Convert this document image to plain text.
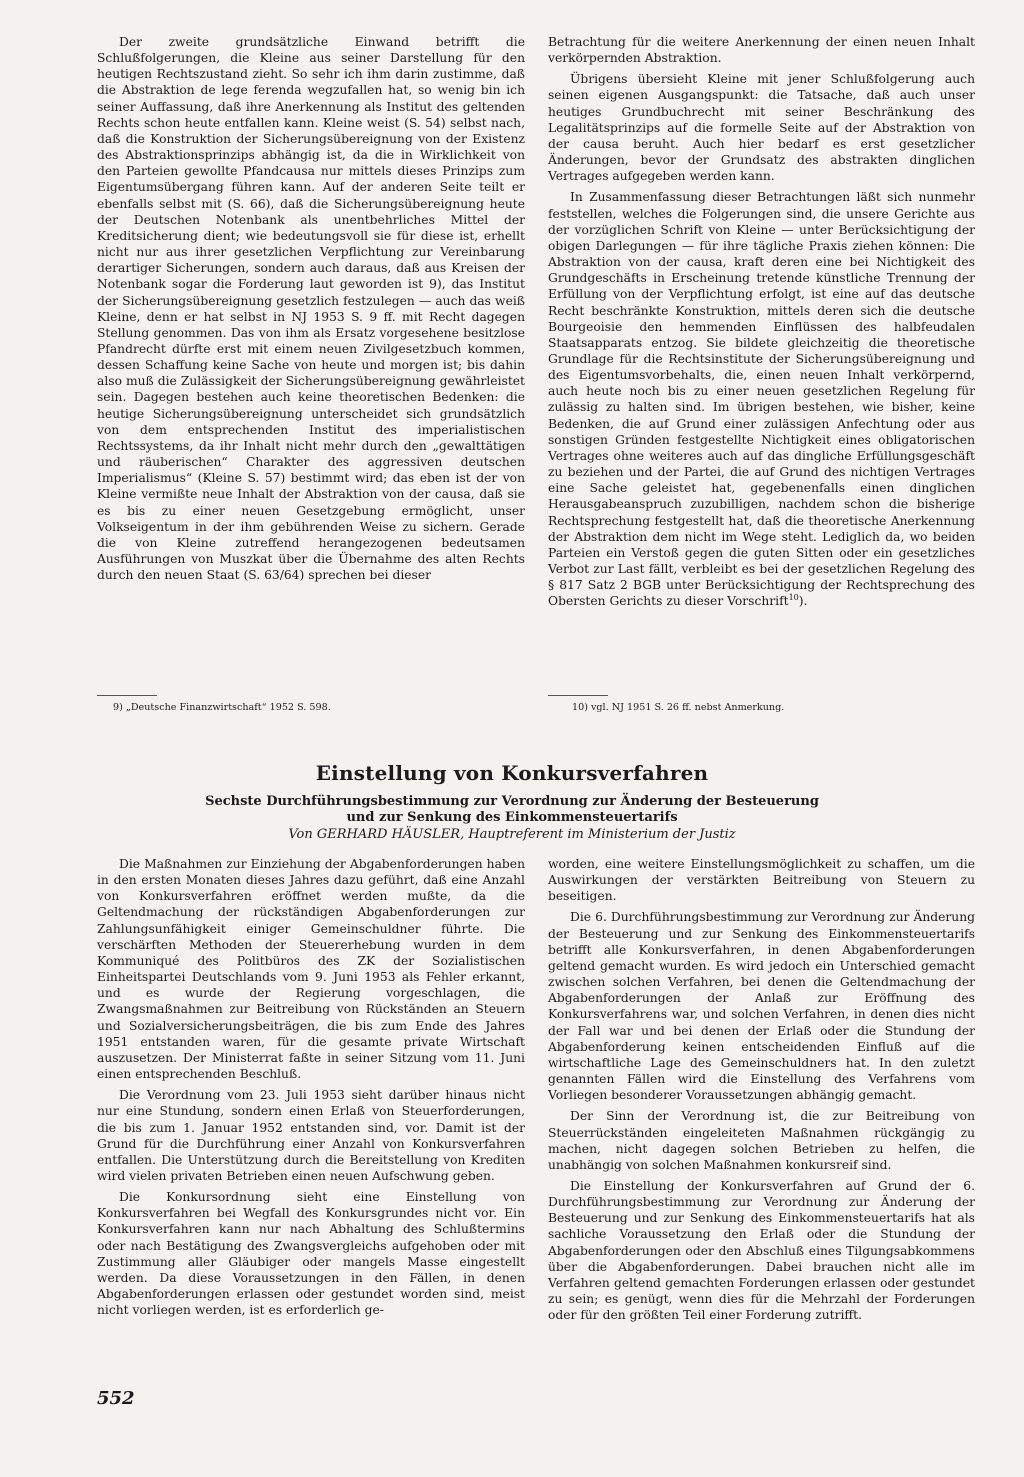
Der zweite grundsätzliche Einwand betrifft die Schlußfolgerungen, die Kleine aus seiner Darstellung für den heutigen Rechtszustand zieht. So sehr ich ihm darin zustimme, daß die Abstraktion de lege ferenda wegzufallen hat, so wenig bin ich seiner Auffassung, daß ihre Anerkennung als Institut des geltenden Rechts schon heute entfallen kann. Kleine weist (S. 54) selbst nach, daß die Konstruktion der Sicherungsübereignung von der Existenz des Abstraktionsprinzips abhängig ist, da die in Wirklichkeit von den Parteien gewollte Pfandcausa nur mittels dieses Prinzips zum Eigentumsübergang führen kann. Auf der anderen Seite teilt er ebenfalls selbst mit (S. 66), daß die Sicherungsübereignung heute der Deutschen Notenbank als unentbehrliches Mittel der Kreditsicherung dient; wie bedeutungsvoll sie für diese ist, erhellt nicht nur aus ihrer gesetzlichen Verpflichtung zur Vereinbarung derartiger Sicherungen, sondern auch daraus, daß aus Kreisen der Notenbank sogar die Forderung laut geworden ist 9), das Institut der Sicherungsübereignung gesetzlich festzulegen — auch das weiß Kleine, denn er hat selbst in NJ 1953 S. 9 ff. mit Recht dagegen Stellung genommen. Das von ihm als Ersatz vorgesehene besitzlose Pfandrecht dürfte erst mit einem neuen Zivilgesetzbuch kommen, dessen Schaffung keine Sache von heute und morgen ist; bis dahin also muß die Zulässigkeit der Sicherungsübereignung gewährleistet sein. Dagegen bestehen auch keine theoretischen Bedenken: die heutige Sicherungsübereignung unterscheidet sich grundsätzlich von dem entsprechenden Institut des imperialistischen Rechtssystems, da ihr Inhalt nicht mehr durch den „gewalttätigen und räuberischen“ Charakter des aggressiven deutschen Imperialismus“ (Kleine S. 57) bestimmt wird; das eben ist der von Kleine vermißte neue Inhalt der Abstraktion von der causa, daß sie es bis zu einer neuen Gesetzgebung ermöglicht, unser Volkseigentum in der ihm gebührenden Weise zu sichern. Gerade die von Kleine zutreffend herangezogenen bedeutsamen Ausführungen von Muszkat über die Übernahme des alten Rechts durch den neuen Staat (S. 63/64) sprechen bei dieser

Betrachtung für die weitere Anerkennung der einen neuen Inhalt verkörpernden Abstraktion.

Übrigens übersieht Kleine mit jener Schlußfolgerung auch seinen eigenen Ausgangspunkt: die Tatsache, daß auch unser heutiges Grundbuchrecht mit seiner Beschränkung des Legalitätsprinzips auf die formelle Seite auf der Abstraktion von der causa beruht. Auch hier bedarf es erst gesetzlicher Änderungen, bevor der Grundsatz des abstrakten dinglichen Vertrages aufgegeben werden kann.

In Zusammenfassung dieser Betrachtungen läßt sich nunmehr feststellen, welches die Folgerungen sind, die unsere Gerichte aus der vorzüglichen Schrift von Kleine — unter Berücksichtigung der obigen Darlegungen — für ihre tägliche Praxis ziehen können: Die Abstraktion von der causa, kraft deren eine bei Nichtigkeit des Grundgeschäfts in Erscheinung tretende künstliche Trennung der Erfüllung von der Verpflichtung erfolgt, ist eine auf das deutsche Recht beschränkte Konstruktion, mittels deren sich die deutsche Bourgeoisie den hemmenden Einflüssen des halbfeudalen Staatsapparats entzog. Sie bildete gleichzeitig die theoretische Grundlage für die Rechtsinstitute der Sicherungsübereignung und des Eigentumsvorbehalts, die, einen neuen Inhalt verkörpernd, auch heute noch bis zu einer neuen gesetzlichen Regelung für zulässig zu halten sind. Im übrigen bestehen, wie bisher, keine Bedenken, die auf Grund einer zulässigen Anfechtung oder aus sonstigen Gründen festgestellte Nichtigkeit eines obligatorischen Vertrages ohne weiteres auch auf das dingliche Erfüllungsgeschäft zu beziehen und der Partei, die auf Grund des nichtigen Vertrages eine Sache geleistet hat, gegebenenfalls einen dinglichen Herausgabeanspruch zuzubilligen, nachdem schon die bisherige Rechtsprechung festgestellt hat, daß die theoretische Anerkennung der Abstraktion dem nicht im Wege steht. Lediglich da, wo beiden Parteien ein Verstoß gegen die guten Sitten oder ein gesetzliches Verbot zur Last fällt, verbleibt es bei der gesetzlichen Regelung des § 817 Satz 2 BGB unter Berücksichtigung der Rechtsprechung des Obersten Gerichts zu dieser Vorschrift$^{10}$).

9) „Deutsche Finanzwirtschaft“ 1952 S. 598.	10) vgl. NJ 1951 S. 26 ff. nebst Anmerkung.
Einstellung von Konkursverfahren
Sechste Durchführungsbestimmung zur Verordnung zur Änderung der Besteuerung
und zur Senkung des Einkommensteuertarifs
Von GERHARD HÄUSLER, Hauptreferent im Ministerium der Justiz

Die Maßnahmen zur Einziehung der Abgabenforderungen haben in den ersten Monaten dieses Jahres dazu geführt, daß eine Anzahl von Konkursverfahren eröffnet werden mußte, da die Geltendmachung der rückständigen Abgabenforderungen zur Zahlungsunfähigkeit einiger Gemeinschuldner führte. Die verschärften Methoden der Steuererhebung wurden in dem Kommuniqué des Politbüros des ZK der Sozialistischen Einheitspartei Deutschlands vom 9. Juni 1953 als Fehler erkannt, und es wurde der Regierung vorgeschlagen, die Zwangsmaßnahmen zur Beitreibung von Rückständen an Steuern und Sozialversicherungsbeiträgen, die bis zum Ende des Jahres 1951 entstanden waren, für die gesamte private Wirtschaft auszusetzen. Der Ministerrat faßte in seiner Sitzung vom 11. Juni einen entsprechenden Beschluß.

Die Verordnung vom 23. Juli 1953 sieht darüber hinaus nicht nur eine Stundung, sondern einen Erlaß von Steuerforderungen, die bis zum 1. Januar 1952 entstanden sind, vor. Damit ist der Grund für die Durchführung einer Anzahl von Konkursverfahren entfallen. Die Unterstützung durch die Bereitstellung von Krediten wird vielen privaten Betrieben einen neuen Aufschwung geben.

Die Konkursordnung sieht eine Einstellung von Konkursverfahren bei Wegfall des Konkursgrundes nicht vor. Ein Konkursverfahren kann nur nach Abhaltung des Schlußtermins oder nach Bestätigung des Zwangsvergleichs aufgehoben oder mit Zustimmung aller Gläubiger oder mangels Masse eingestellt werden. Da diese Voraussetzungen in den Fällen, in denen Abgabenforderungen erlassen oder gestundet worden sind, meist nicht vorliegen werden, ist es erforderlich ge-

worden, eine weitere Einstellungsmöglichkeit zu schaffen, um die Auswirkungen der verstärkten Beitreibung von Steuern zu beseitigen.

Die 6. Durchführungsbestimmung zur Verordnung zur Änderung der Besteuerung und zur Senkung des Einkommensteuertarifs betrifft alle Konkursverfahren, in denen Abgabenforderungen geltend gemacht wurden. Es wird jedoch ein Unterschied gemacht zwischen solchen Verfahren, bei denen die Geltendmachung der Abgabenforderungen der Anlaß zur Eröffnung des Konkursverfahrens war, und solchen Verfahren, in denen dies nicht der Fall war und bei denen der Erlaß oder die Stundung der Abgabenforderung keinen entscheidenden Einfluß auf die wirtschaftliche Lage des Gemeinschuldners hat. In den zuletzt genannten Fällen wird die Einstellung des Verfahrens vom Vorliegen besonderer Voraussetzungen abhängig gemacht.

Der Sinn der Verordnung ist, die zur Beitreibung von Steuerrückständen eingeleiteten Maßnahmen rückgängig zu machen, nicht dagegen solchen Betrieben zu helfen, die unabhängig von solchen Maßnahmen konkursreif sind.

Die Einstellung der Konkursverfahren auf Grund der 6. Durchführungsbestimmung zur Verordnung zur Änderung der Besteuerung und zur Senkung des Einkommensteuertarifs hat als sachliche Voraussetzung den Erlaß oder die Stundung der Abgabenforderungen oder den Abschluß eines Tilgungsabkommens über die Abgabenforderungen. Dabei brauchen nicht alle im Verfahren geltend gemachten Forderungen erlassen oder gestundet zu sein; es genügt, wenn dies für die Mehrzahl der Forderungen oder für den größten Teil einer Forderung zutrifft.

552
